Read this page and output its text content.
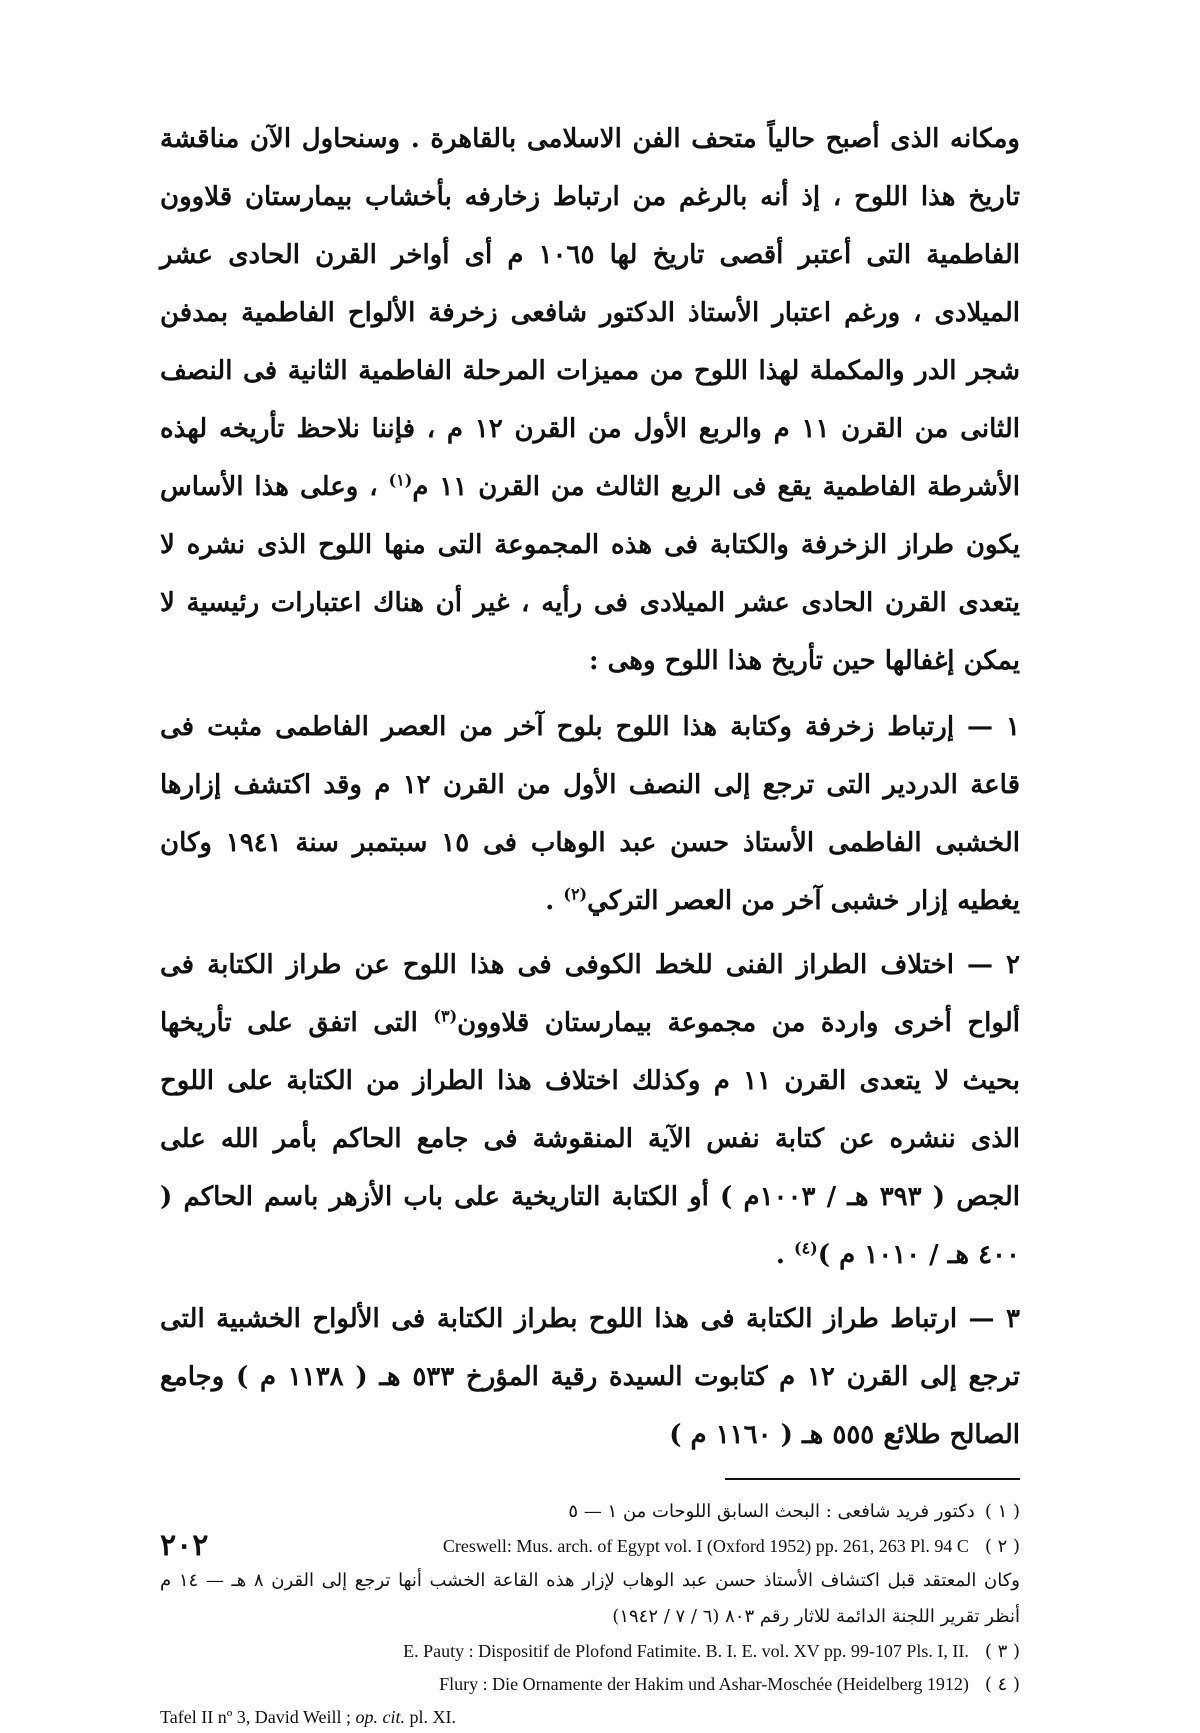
ومكانه الذى أصبح حالياً متحف الفن الاسلامى بالقاهرة . وسنحاول الآن مناقشة تاريخ هذا اللوح ، إذ أنه بالرغم من ارتباط زخارفه بأخشاب بيمارستان قلاوون الفاطمية التى أعتبر أقصى تاريخ لها ١٠٦٥ م أى أواخر القرن الحادى عشر الميلادى ، ورغم اعتبار الأستاذ الدكتور شافعى زخرفة الألواح الفاطمية بمدفن شجر الدر والمكملة لهذا اللوح من مميزات المرحلة الفاطمية الثانية فى النصف الثانى من القرن ١١ م والربع الأول من القرن ١٢ م ، فإننا نلاحظ تأريخه لهذه الأشرطة الفاطمية يقع فى الربع الثالث من القرن ١١ م$^{(١)}$ ، وعلى هذا الأساس يكون طراز الزخرفة والكتابة فى هذه المجموعة التى منها اللوح الذى نشره لا يتعدى القرن الحادى عشر الميلادى فى رأيه ، غير أن هناك اعتبارات رئيسية لا يمكن إغفالها حين تأريخ هذا اللوح وهى :

١ — إرتباط زخرفة وكتابة هذا اللوح بلوح آخر من العصر الفاطمى مثبت فى قاعة الدردير التى ترجع إلى النصف الأول من القرن ١٢ م وقد اكتشف إزارها الخشبى الفاطمى الأستاذ حسن عبد الوهاب فى ١٥ سبتمبر سنة ١٩٤١ وكان يغطيه إزار خشبى آخر من العصر التركي$^{(٢)}$ .

٢ — اختلاف الطراز الفنى للخط الكوفى فى هذا اللوح عن طراز الكتابة فى ألواح أخرى واردة من مجموعة بيمارستان قلاوون$^{(٣)}$ التى اتفق على تأريخها بحيث لا يتعدى القرن ١١ م وكذلك اختلاف هذا الطراز من الكتابة على اللوح الذى ننشره عن كتابة نفس الآية المنقوشة فى جامع الحاكم بأمر الله على الجص ( ٣٩٣ هـ / ١٠٠٣م ) أو الكتابة التاريخية على باب الأزهر باسم الحاكم ( ٤٠٠ هـ / ١٠١٠ م )$^{(٤)}$ .

٣ — ارتباط طراز الكتابة فى هذا اللوح بطراز الكتابة فى الألواح الخشبية التى ترجع إلى القرن ١٢ م كتابوت السيدة رقية المؤرخ ٥٣٣ هـ ( ١١٣٨ م ) وجامع الصالح طلائع ٥٥٥ هـ ( ١١٦٠ م )

( ١ )دكتور فريد شافعى : البحث السابق اللوحات من ١ — ٥

Creswell: Mus. arch. of Egypt vol. I (Oxford 1952) pp. 261, 263 Pl. 94 C ( ٢ )

وكان المعتقد قبل اكتشاف الأستاذ حسن عبد الوهاب لإزار هذه القاعة الخشب أنها ترجع إلى القرن ٨ هـ — ١٤ م أنظر تقرير اللجنة الدائمة للاثار رقم ٨٠٣ (٦ / ٧ / ١٩٤٢)

E. Pauty : Dispositif de Plofond Fatimite. B. I. E. vol. XV pp. 99-107 Pls. I, II. ( ٣ )

Flury : Die Ornamente der Hakim und Ashar-Moschée (Heidelberg 1912) ( ٤ )

Tafel II nº 3, David Weill ; op. cit. pl. XI.

٢٠٢
